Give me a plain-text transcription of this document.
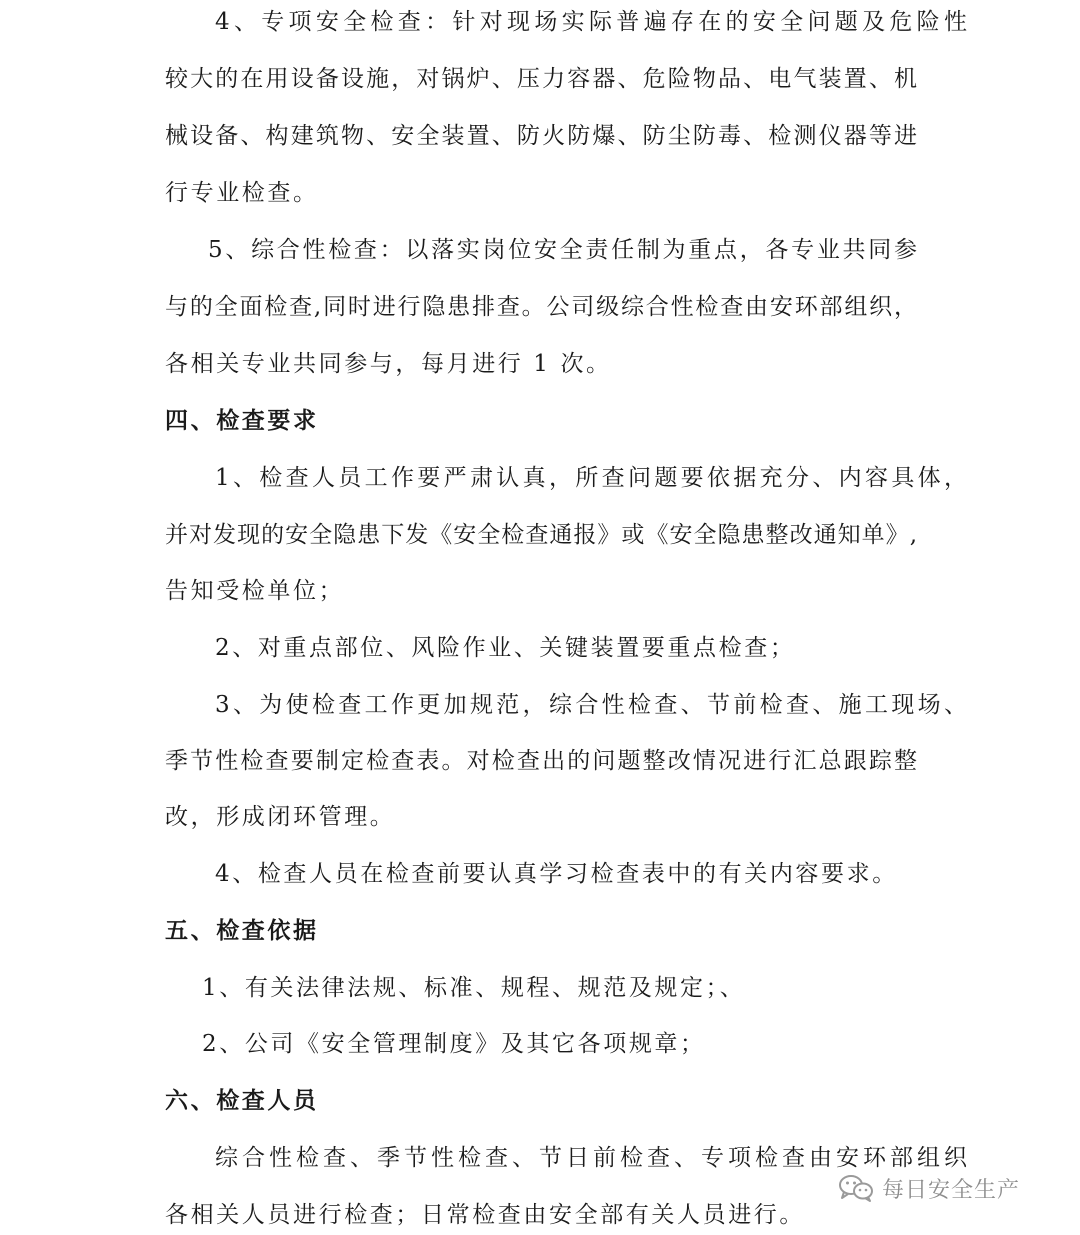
4、专项安全检查：针对现场实际普遍存在的安全问题及危险性
较大的在用设备设施，对锅炉、压力容器、危险物品、电气装置、机
械设备、构建筑物、安全装置、防火防爆、防尘防毒、检测仪器等进
行专业检查。
5、综合性检查：以落实岗位安全责任制为重点，各专业共同参
与的全面检查,同时进行隐患排查。公司级综合性检查由安环部组织，
各相关专业共同参与，每月进行 1 次。
四、检查要求
1、检查人员工作要严肃认真，所查问题要依据充分、内容具体，
并对发现的安全隐患下发《安全检查通报》或《安全隐患整改通知单》,
告知受检单位；
2、对重点部位、风险作业、关键装置要重点检查；
3、为使检查工作更加规范，综合性检查、节前检查、施工现场、
季节性检查要制定检查表。对检查出的问题整改情况进行汇总跟踪整
改，形成闭环管理。
4、检查人员在检查前要认真学习检查表中的有关内容要求。
五、检查依据
1、有关法律法规、标准、规程、规范及规定；、
2、公司《安全管理制度》及其它各项规章；
六、检查人员
综合性检查、季节性检查、节日前检查、专项检查由安环部组织
各相关人员进行检查；日常检查由安全部有关人员进行。
每日安全生产
